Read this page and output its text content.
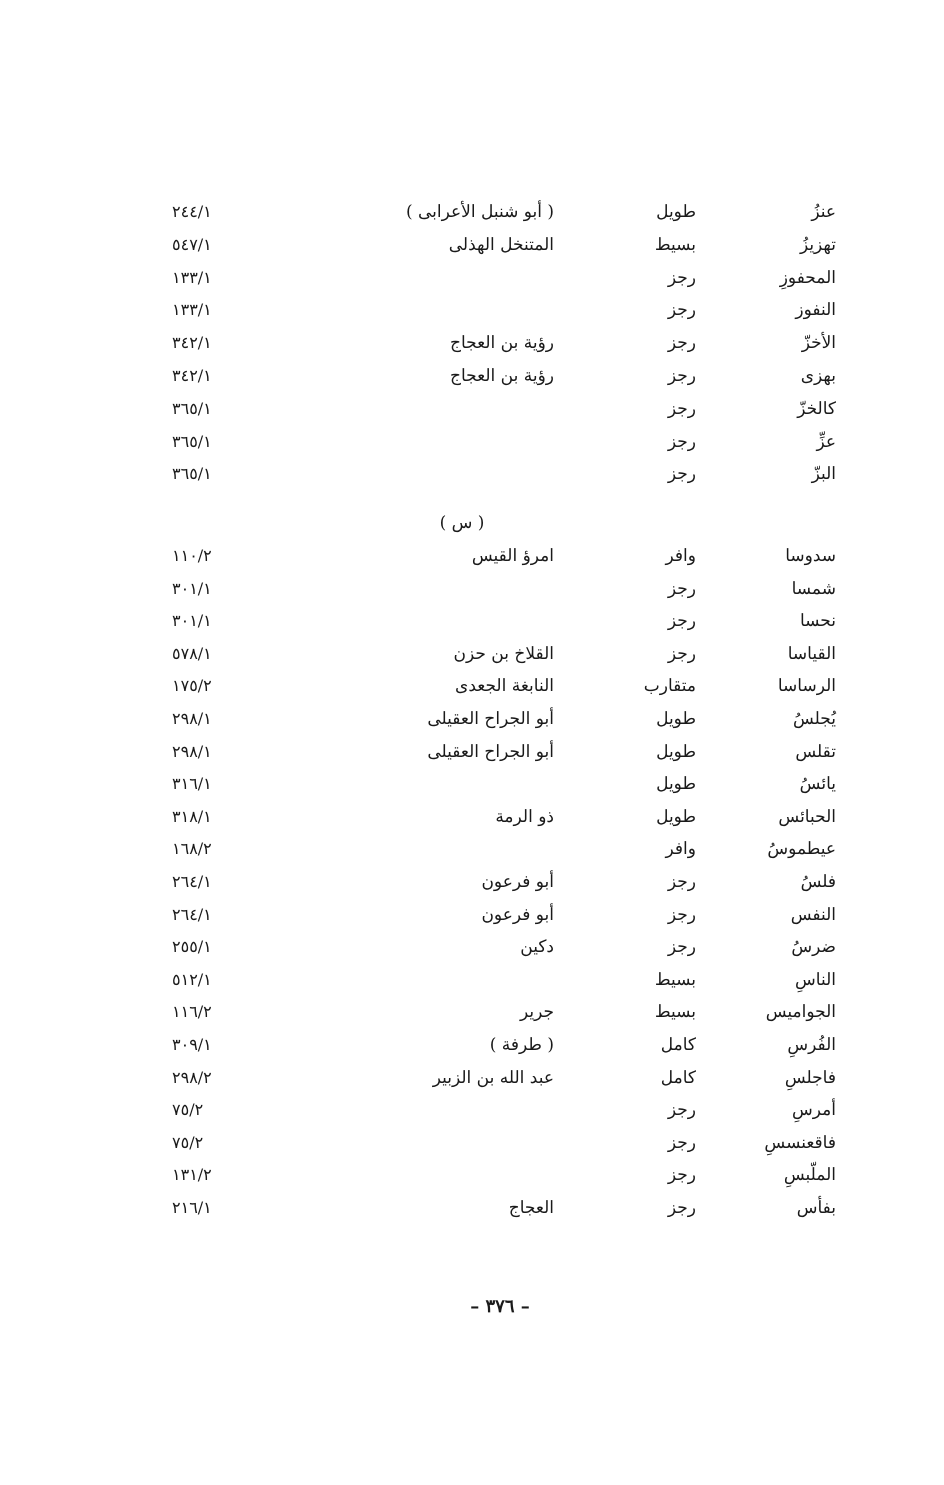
عنزُ
طويل
( أبو شنبل الأعرابى )
٢٤٤/١
تهزيزُ
بسيط
المتنخل الهذلى
٥٤٧/١
المحفوزِ
رجز
١٣٣/١
النفوز
رجز
١٣٣/١
الأخزّ
رجز
رؤية بن العجاج
٣٤٢/١
بهزى
رجز
رؤية بن العجاج
٣٤٢/١
كالخزّ
رجز
٣٦٥/١
عزِّ
رجز
٣٦٥/١
البزّ
رجز
٣٦٥/١
( س )
سدوسا
وافر
امرؤ القيس
١١٠/٢
شمسا
رجز
٣٠١/١
نحسا
رجز
٣٠١/١
القياسا
رجز
القلاخ بن حزن
٥٧٨/١
الرساسا
متقارب
النابغة الجعدى
١٧٥/٢
يُجلسُ
طويل
أبو الجراح العقيلى
٢٩٨/١
تقلس
طويل
أبو الجراح العقيلى
٢٩٨/١
يائسُ
طويل
٣١٦/١
الحبائس
طويل
ذو الرمة
٣١٨/١
عيطموسُ
وافر
١٦٨/٢
فلسُ
رجز
أبو فرعون
٢٦٤/١
النفس
رجز
أبو فرعون
٢٦٤/١
ضرسُ
رجز
دكين
٢٥٥/١
الناسِ
بسيط
٥١٢/١
الجواميس
بسيط
جرير
١١٦/٢
الفُرسِ
كامل
( طرفة )
٣٠٩/١
فاجلسِ
كامل
عبد الله بن الزبير
٢٩٨/٢
أمرسِ
رجز
٧٥/٢
فاقعنسسِ
رجز
٧٥/٢
الملّبسِ
رجز
١٣١/٢
بفأس
رجز
العجاج
٢١٦/١
– ٣٧٦ –
